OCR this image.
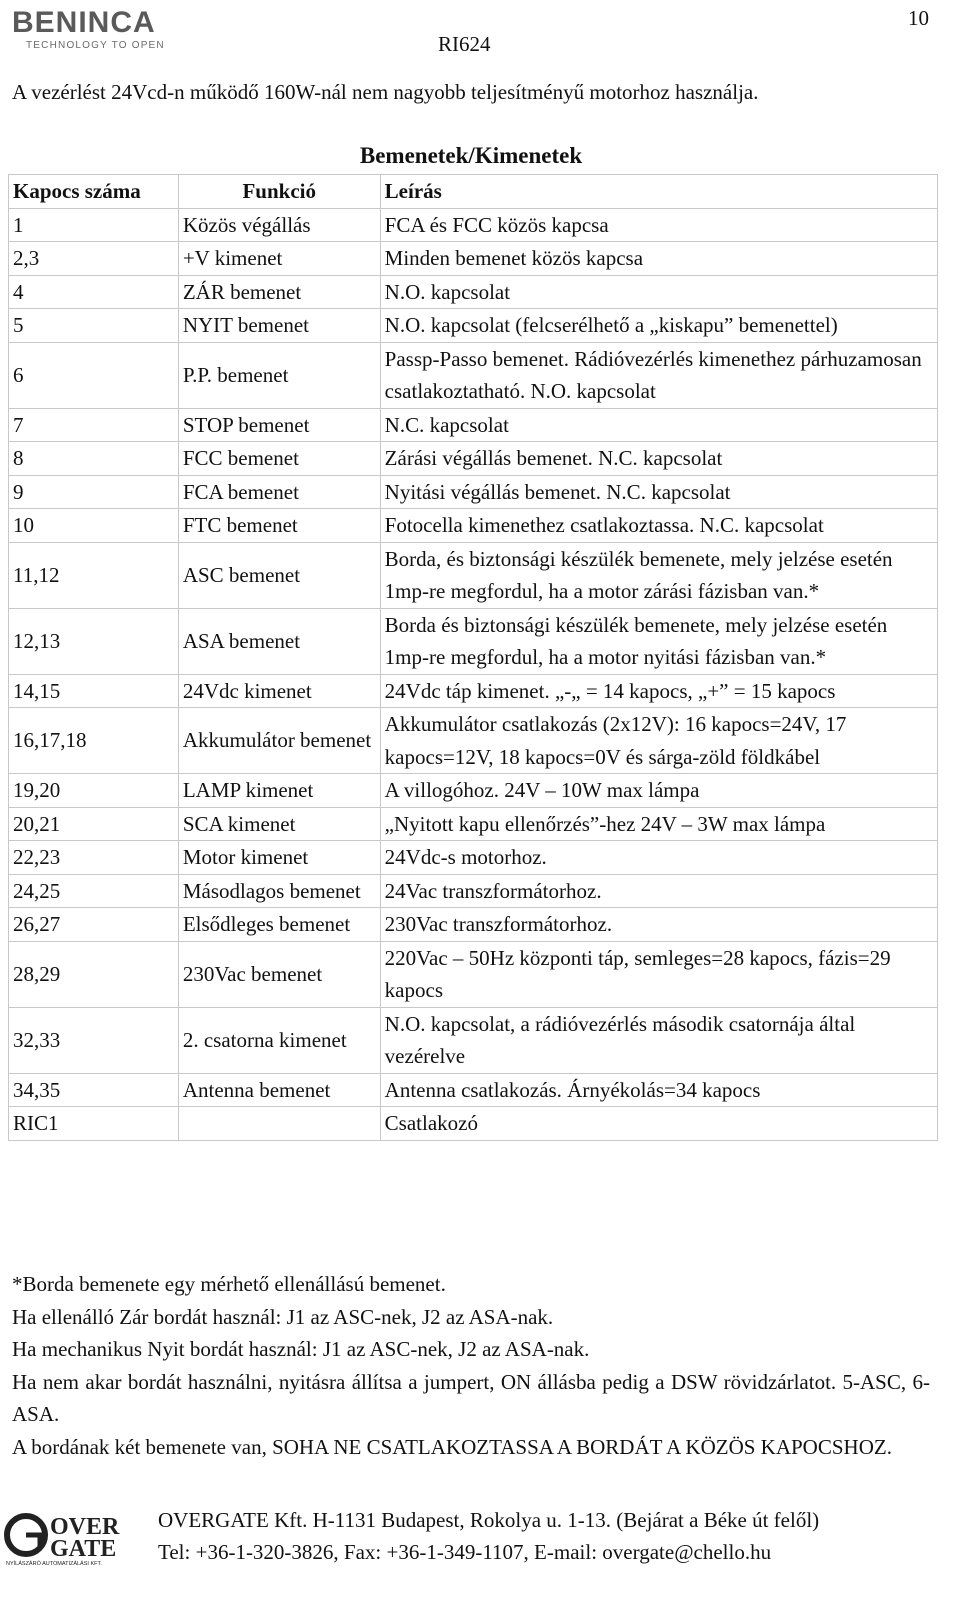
BENINCA
TECHNOLOGY TO OPEN	RI624
10
A vezérlést 24Vcd-n működő 160W-nál nem nagyobb teljesítményű motorhoz használja.
Bemenetek/Kimenetek
Kapocs száma	Funkció	Leírás
1	Közös végállás	FCA és FCC közös kapcsa
2,3	+V kimenet	Minden bemenet közös kapcsa
4	ZÁR bemenet	N.O. kapcsolat
5	NYIT bemenet	N.O. kapcsolat (felcserélhető a „kiskapu” bemenettel)
6	P.P. bemenet	Passp-Passo bemenet. Rádióvezérlés kimenethez párhuzamosan csatlakoztatható. N.O. kapcsolat
7	STOP bemenet	N.C. kapcsolat
8	FCC bemenet	Zárási végállás bemenet. N.C. kapcsolat
9	FCA bemenet	Nyitási végállás bemenet. N.C. kapcsolat
10	FTC bemenet	Fotocella kimenethez csatlakoztassa. N.C. kapcsolat
11,12	ASC bemenet	Borda, és biztonsági készülék bemenete, mely jelzése esetén 1mp-re megfordul, ha a motor zárási fázisban van.*
12,13	ASA bemenet	Borda és biztonsági készülék bemenete, mely jelzése esetén 1mp-re megfordul, ha a motor nyitási fázisban van.*
14,15	24Vdc kimenet	24Vdc táp kimenet. „-„ = 14 kapocs, „+” = 15 kapocs
16,17,18	Akkumulátor bemenet	Akkumulátor csatlakozás (2x12V): 16 kapocs=24V, 17 kapocs=12V, 18 kapocs=0V és sárga-zöld földkábel
19,20	LAMP kimenet	A villogóhoz. 24V – 10W max lámpa
20,21	SCA kimenet	„Nyitott kapu ellenőrzés”-hez 24V – 3W max lámpa
22,23	Motor kimenet	24Vdc-s motorhoz.
24,25	Másodlagos bemenet	24Vac transzformátorhoz.
26,27	Elsődleges bemenet	230Vac transzformátorhoz.
28,29	230Vac bemenet	220Vac – 50Hz központi táp, semleges=28 kapocs, fázis=29 kapocs
32,33	2. csatorna kimenet	N.O. kapcsolat, a rádióvezérlés második csatornája által vezérelve
34,35	Antenna bemenet	Antenna csatlakozás. Árnyékolás=34 kapocs
RIC1		Csatlakozó
*Borda bemenete egy mérhető ellenállású bemenet.
Ha ellenálló Zár bordát használ: J1 az ASC-nek, J2 az ASA-nak.
Ha mechanikus Nyit bordát használ: J1 az ASC-nek, J2 az ASA-nak.
Ha nem akar bordát használni, nyitásra állítsa a jumpert, ON állásba pedig a DSW rövidzárlatot. 5-ASC, 6-ASA.
A bordának két bemenete van, SOHA NE CSATLAKOZTASSA A BORDÁT A KÖZÖS KAPOCSHOZ.
OVER
GATE
NYÍLÁSZÁRÓ AUTOMATIZÁLÁSI KFT.
OVERGATE Kft. H-1131 Budapest, Rokolya u. 1-13. (Bejárat a Béke út felől)
Tel: +36-1-320-3826, Fax: +36-1-349-1107, E-mail: overgate@chello.hu
